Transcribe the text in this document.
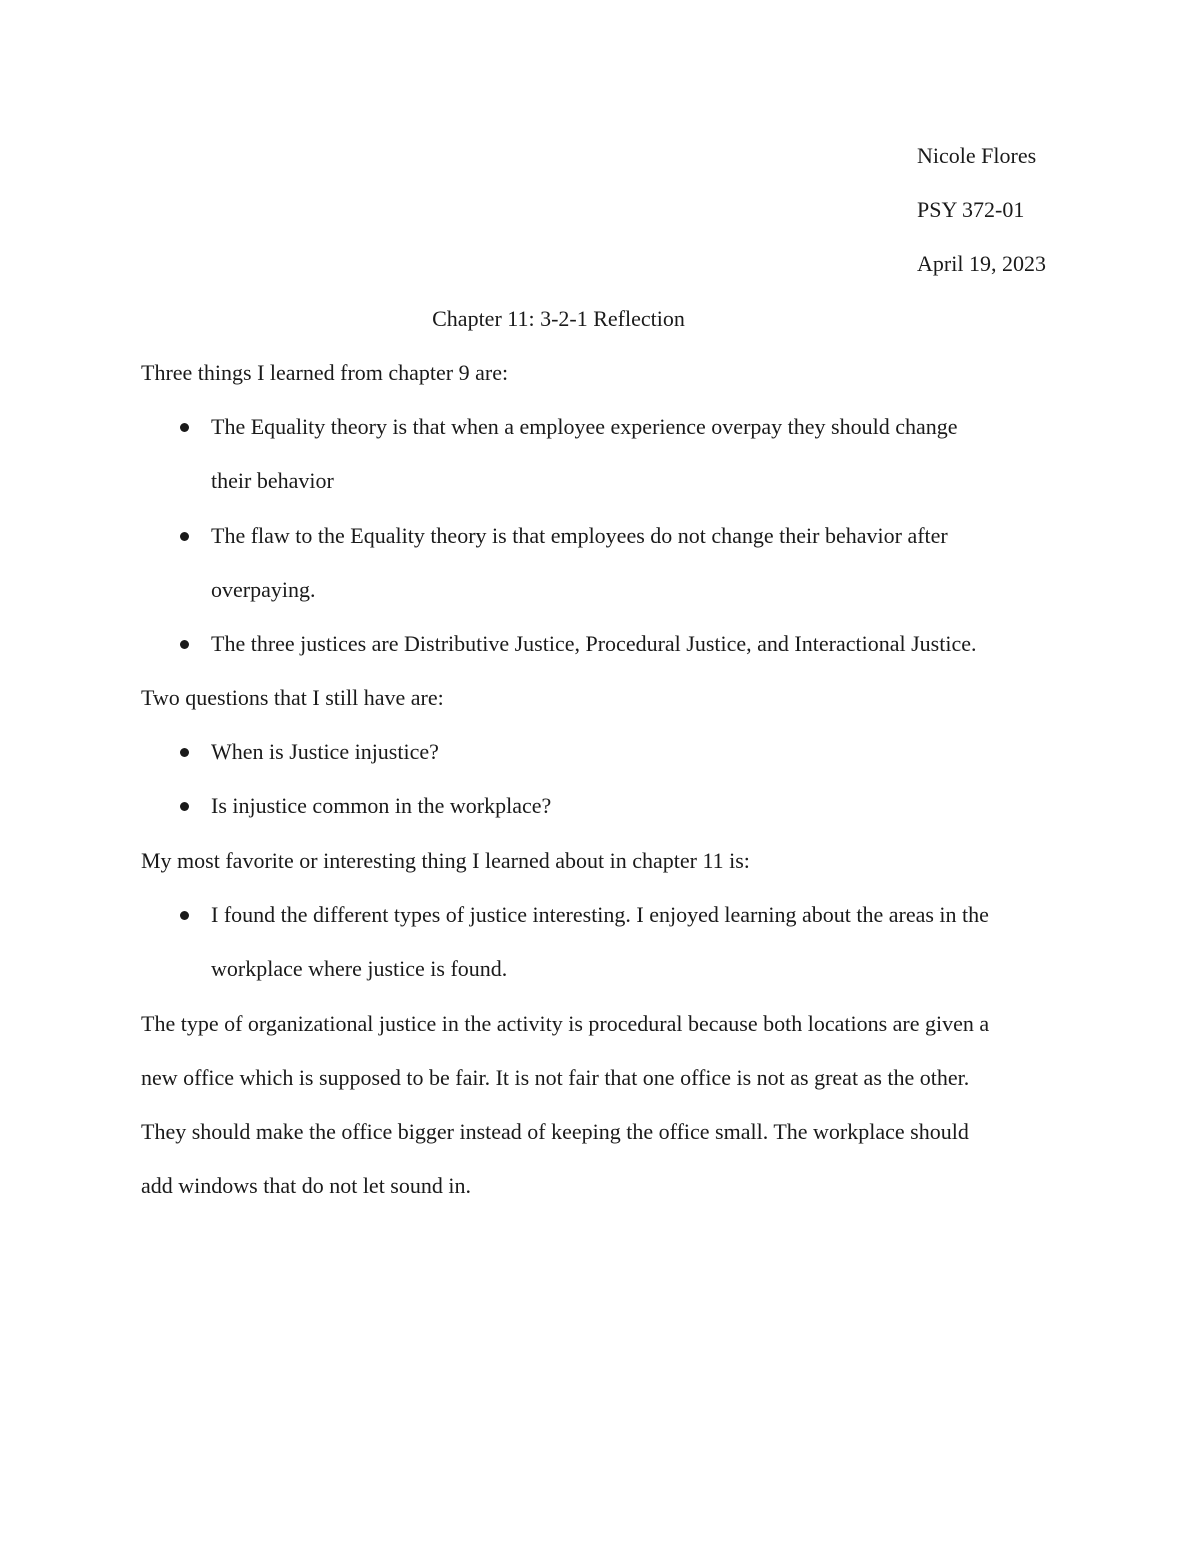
Nicole Flores
PSY 372-01
April 19, 2023
Chapter 11: 3-2-1 Reflection
Three things I learned from chapter 9 are:
The Equality theory is that when a employee experience overpay they should change
their behavior
The flaw to the Equality theory is that employees do not change their behavior after
overpaying.
The three justices are Distributive Justice, Procedural Justice, and Interactional Justice.
Two questions that I still have are:
When is Justice injustice?
Is injustice common in the workplace?
My most favorite or interesting thing I learned about in chapter 11 is:
I found the different types of justice interesting. I enjoyed learning about the areas in the
workplace where justice is found.
The type of organizational justice in the activity is procedural because both locations are given a
new office which is supposed to be fair. It is not fair that one office is not as great as the other.
They should make the office bigger instead of keeping the office small. The workplace should
add windows that do not let sound in.
